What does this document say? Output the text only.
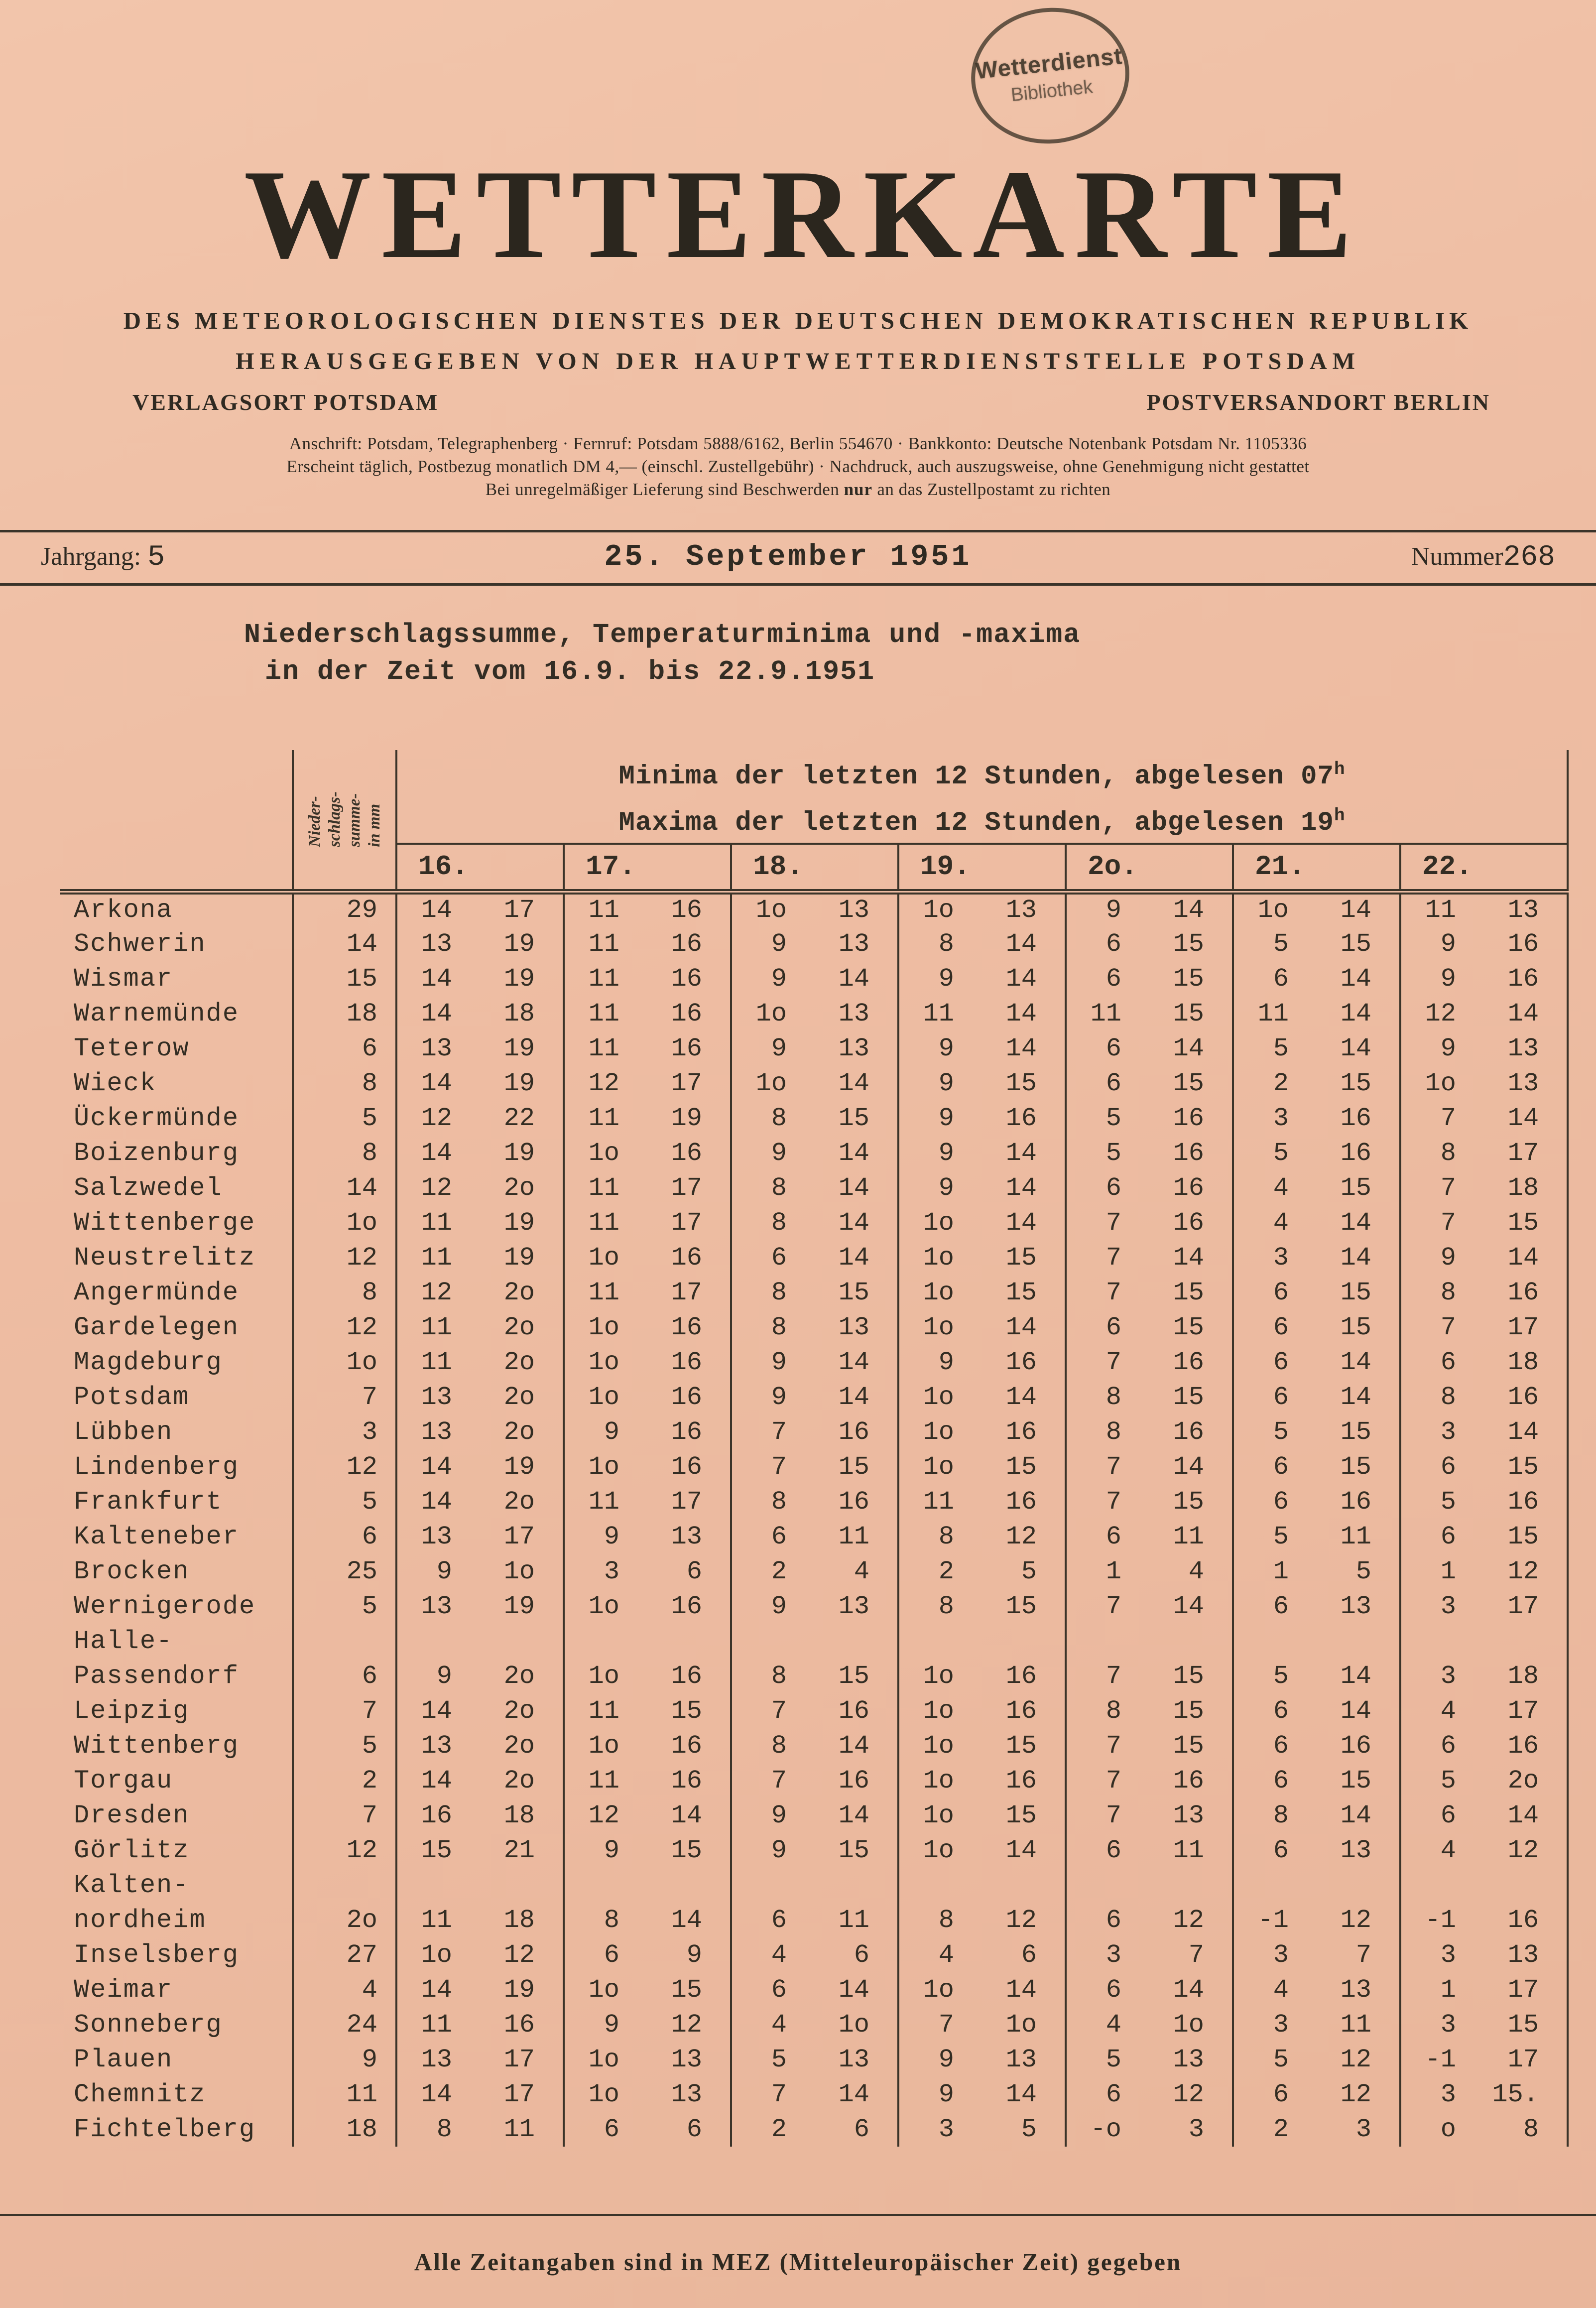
Wetterdienst
Bibliothek
WETTERKARTE
DES METEOROLOGISCHEN DIENSTES DER DEUTSCHEN DEMOKRATISCHEN REPUBLIK
HERAUSGEGEBEN VON DER HAUPTWETTERDIENSTSTELLE POTSDAM
VERLAGSORT POTSDAM	POSTVERSANDORT BERLIN
Anschrift: Potsdam, Telegraphenberg · Fernruf: Potsdam 5888/6162, Berlin 554670 · Bankkonto: Deutsche Notenbank Potsdam Nr. 1105336
Erscheint täglich, Postbezug monatlich DM 4,— (einschl. Zustellgebühr) · Nachdruck, auch auszugsweise, ohne Genehmigung nicht gestattet
Bei unregelmäßiger Lieferung sind Beschwerden nur an das Zustellpostamt zu richten
Jahrgang: 5	25. September 1951	Nummer268
Niederschlagssumme, Temperaturminima und -maxima
in der Zeit vom 16.9. bis 22.9.1951

Nieder- schlags- summe- in mm

Minima der letzten 12 Stunden, abgelesen 07$^h$
Maxima der letzten 12 Stunden, abgelesen 19$^h$

		16.		17.		18.		19.		2o.		21.		22.	
Arkona	29	14	17	11	16	1o	13	1o	13	9	14	1o	14	11	13
Schwerin	14	13	19	11	16	9	13	8	14	6	15	5	15	9	16
Wismar	15	14	19	11	16	9	14	9	14	6	15	6	14	9	16
Warnemünde	18	14	18	11	16	1o	13	11	14	11	15	11	14	12	14
Teterow	6	13	19	11	16	9	13	9	14	6	14	5	14	9	13
Wieck	8	14	19	12	17	1o	14	9	15	6	15	2	15	1o	13
Ückermünde	5	12	22	11	19	8	15	9	16	5	16	3	16	7	14
Boizenburg	8	14	19	1o	16	9	14	9	14	5	16	5	16	8	17
Salzwedel	14	12	2o	11	17	8	14	9	14	6	16	4	15	7	18
Wittenberge	1o	11	19	11	17	8	14	1o	14	7	16	4	14	7	15
Neustrelitz	12	11	19	1o	16	6	14	1o	15	7	14	3	14	9	14
Angermünde	8	12	2o	11	17	8	15	1o	15	7	15	6	15	8	16
Gardelegen	12	11	2o	1o	16	8	13	1o	14	6	15	6	15	7	17
Magdeburg	1o	11	2o	1o	16	9	14	9	16	7	16	6	14	6	18
Potsdam	7	13	2o	1o	16	9	14	1o	14	8	15	6	14	8	16
Lübben	3	13	2o	9	16	7	16	1o	16	8	16	5	15	3	14
Lindenberg	12	14	19	1o	16	7	15	1o	15	7	14	6	15	6	15
Frankfurt	5	14	2o	11	17	8	16	11	16	7	15	6	16	5	16
Kalteneber	6	13	17	9	13	6	11	8	12	6	11	5	11	6	15
Brocken	25	9	1o	3	6	2	4	2	5	1	4	1	5	1	12
Wernigerode	5	13	19	1o	16	9	13	8	15	7	14	6	13	3	17
Halle-															
Passendorf	6	9	2o	1o	16	8	15	1o	16	7	15	5	14	3	18
Leipzig	7	14	2o	11	15	7	16	1o	16	8	15	6	14	4	17
Wittenberg	5	13	2o	1o	16	8	14	1o	15	7	15	6	16	6	16
Torgau	2	14	2o	11	16	7	16	1o	16	7	16	6	15	5	2o
Dresden	7	16	18	12	14	9	14	1o	15	7	13	8	14	6	14
Görlitz	12	15	21	9	15	9	15	1o	14	6	11	6	13	4	12
Kalten-															
nordheim	2o	11	18	8	14	6	11	8	12	6	12	-1	12	-1	16
Inselsberg	27	1o	12	6	9	4	6	4	6	3	7	3	7	3	13
Weimar	4	14	19	1o	15	6	14	1o	14	6	14	4	13	1	17
Sonneberg	24	11	16	9	12	4	1o	7	1o	4	1o	3	11	3	15
Plauen	9	13	17	1o	13	5	13	9	13	5	13	5	12	-1	17
Chemnitz	11	14	17	1o	13	7	14	9	14	6	12	6	12	3	15.
Fichtelberg	18	8	11	6	6	2	6	3	5	-o	3	2	3	o	8
Alle Zeitangaben sind in MEZ (Mitteleuropäischer Zeit) gegeben
